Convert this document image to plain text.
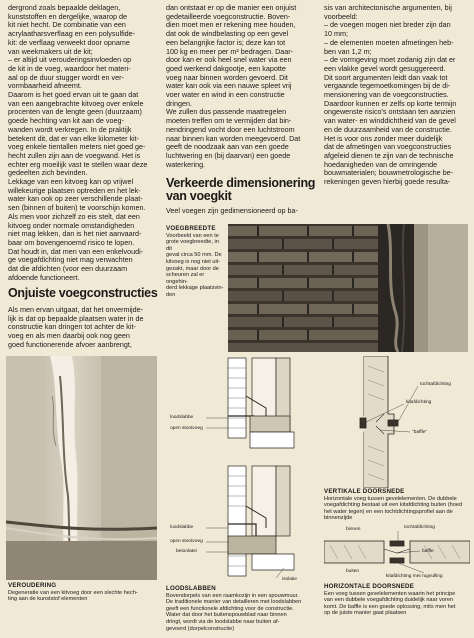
dergrond zoals bepaalde deklagen,

kunststoffen en dergelijke, waarop de

kit niet hecht. De combinatie van een

acrylaatharsverflaag en een polysulfide-

kit: de verflaag verweekt door opname

van weekmakers uit de kit;

– er altijd uit verouderingsinvloeden op

de kit in de voeg, waardoor het materi-

aal op de duur stugger wordt en ver-

vormbaarheid afneemt.

Daarom is het goed ervan uit te gaan dat

van een aangebrachte kitvoeg over enkele

procenten van de lengte geen (duurzaam)

goede hechting van kit aan de voeg-

wanden wordt verkregen. In de praktijk

betekent dit, dat er van elke kilometer kit-

voeg enkele tientallen meters niet goed ge-

hecht zullen zijn aan de voegwand. Het is

echter erg moeilijk vast te stellen waar deze

gedeelten zich bevinden.

Lekkage van een kitvoeg kan op vrijwel

willekeurige plaatsen optreden en het lek-

water kan ook op zeer verschillende plaat-

sen (binnen of buiten) te voorschijn komen.

Als men voor zichzelf zo eis stelt, dat een

kitvoeg onder normale omstandigheden

niet mag lekken, dan is het niet aanvaard-

baar om bovengenoemd risico te lopen.

Dat houdt in, dat men van een enkelvoudi-

ge voegafdichting niet mag verwachten

dat die afdichten (voor een duurzaam

afdoende functioneert.

Onjuiste voegconstructies

Als men ervan uitgaat, dat het onvermijde-

lijk is dat op bepaalde plaatsen water in de

constructie kan dringen tot achter de kit-

voeg en als men daarbij ook nog geen

goed functionerende afvoer aanbrengt,

VEROUDERING

Degeneratie van een kitvoeg door een slechte hech-

ting aan de kunststof elementen

dan ontstaat er op die manier een onjuist

gedetailleerde voegconstructie. Boven-

dien moet men er rekening mee houden,

dat ook de windbelasting op een gevel

een belangrijke factor is; deze kan tot

100 kg en meer per m² bedragen. Daar-

door kan er ook heel snel water via een

goed werkend dakgootje, een kapotte

voeg naar binnen worden gevoerd. Dit

water kan ook via een nauwe spleet vrij

voer water en wind in een constructie

dringen.

We zullen dus passende maatregelen

moeten treffen om te vermijden dat bin-

nendringend vocht door een luchtstroom

naar binnen kan worden meegevoerd. Dat

geeft de noodzaak aan van een goede

luchtwering en (bij daarvan) een goede

waterkering.

Verkeerde dimensionering

van voegkit

Veel voegen zijn gedimensioneerd op ba-

VOEGBREEDTE

Voorbeeld van een te

grote voegbreedte, in dit

geval circa 50 mm. De

kitvoeg is nog niet uit-

gezakt, maar door de

scheuren zal er ongehin-

derd lekkage plaatsvin-

den

loodslabbe
open stootvoeg
loodslabbe
open stootvoeg
betonlatei
isolatie

LOODSLABBEN

Bovendorpels van een raamkozijn in een spouwmuur.

De traditionele manier van detailleren met loodslabben

geeft een functionele afdichting voor de constructie.

Water dat door het buitenspouwblad naar binnen

dringt, wordt via de loodslabbe naar buiten af-

gevoerd (dorpelconstructie)

sis van architectonische argumenten, bij

voorbeeld:

– de voegen mogen niet breder zijn dan

10 mm;

– de elementen moeten afmetingen heb-

ben van 1,2 m;

– de vormgeving moet zodanig zijn dat er

een vlakke gevel wordt gesuggereerd.

Dit soort argumenten leidt dan vaak tot

vergaande tegemoetkomingen bij de di-

mensionering van de voegconstructies.

Daardoor kunnen er zelfs op korte termijn

ongewenste risico's ontstaan ten aanzien

van water- en winddichtheid van de gevel

en de duurzaamheid van de constructie.

Het is voor ons zonder meer duidelijk

dat de afmetingen van voegconstructies

afgeleid dienen te zijn van de technische

hoedanigheden van de omringende

bouwmaterialen; bouwmetrologische be-

rekeningen geven hierbij goede resulta-

kitafdichting
tochtafdichting
"baffle"

VERTIKALE DOORSNEDE

Horizontale voeg tussen gevelelementen. De dubbele

voegafdichting bestaat uit een kitafdichting buiten (hoed

het water tegen) en een tochtdichtingsprofiel aan de

binnenzijde

binnen	tochtafdichting
baffle
buiten
kitafdichting met rugvulling

HORIZONTALE DOORSNEDE

Een voeg tussen gevelelementen waarin het principe

van een dubbele voegafdichting duidelijk naar voren

komt. De baffle is een goede oplossing, mits men het

op de juiste manier gaat plaatsen
